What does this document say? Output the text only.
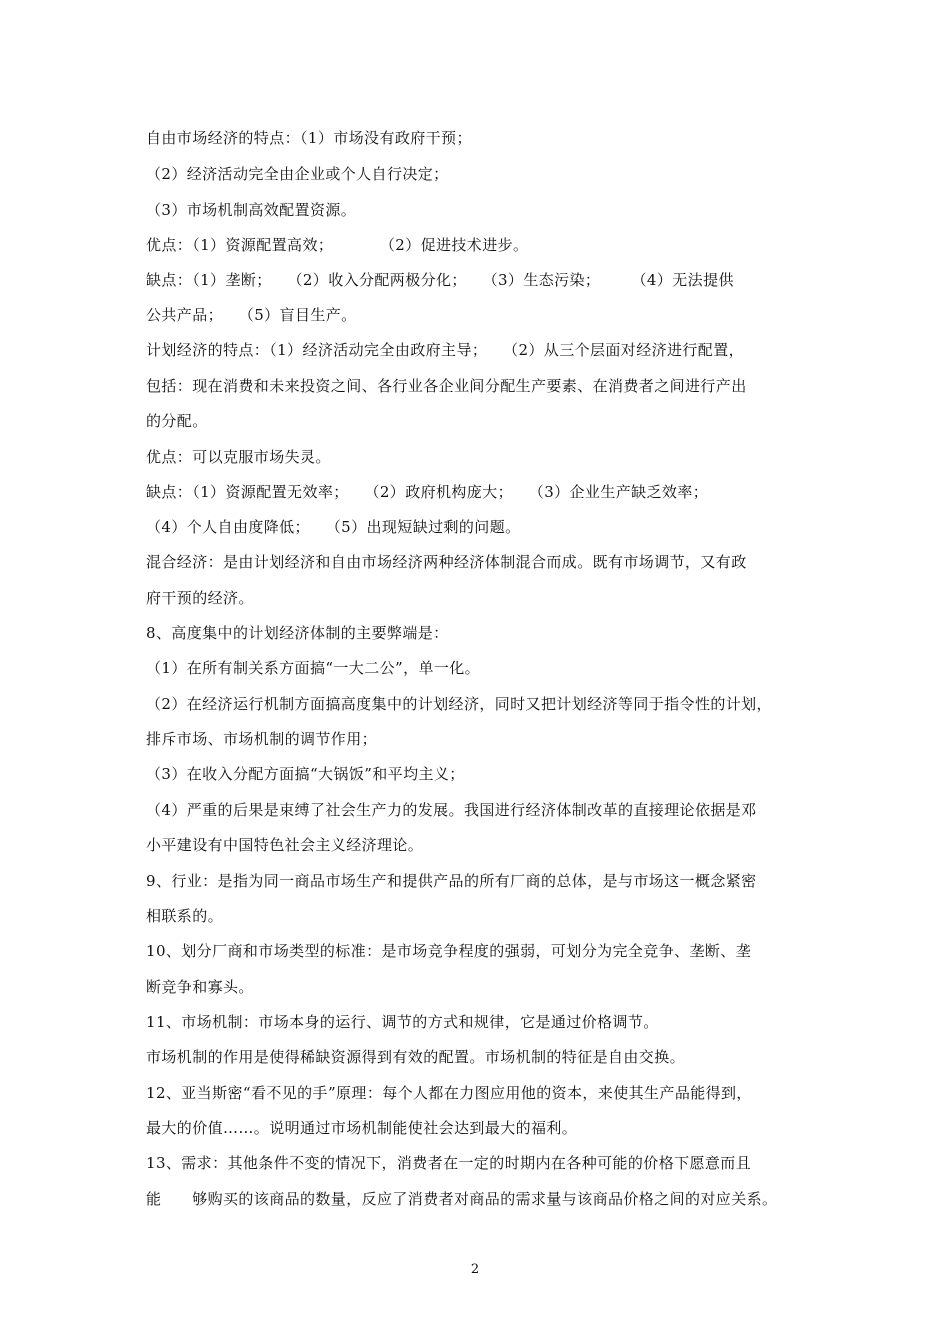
自由市场经济的特点：（1）市场没有政府干预；
（2）经济活动完全由企业或个人自行决定；
（3）市场机制高效配置资源。
优点：（1）资源配置高效；　　　　（2）促进技术进步。
缺点：（1）垄断；　　（2）收入分配两极分化；　　（3）生态污染；　　　（4）无法提供
公共产品；　　（5）盲目生产。
计划经济的特点：（1）经济活动完全由政府主导；　　（2）从三个层面对经济进行配置，
包括：现在消费和未来投资之间、各行业各企业间分配生产要素、在消费者之间进行产出
的分配。
优点：可以克服市场失灵。
缺点：（1）资源配置无效率；　　（2）政府机构庞大；　　（3）企业生产缺乏效率；
（4）个人自由度降低；　　（5）出现短缺过剩的问题。
混合经济：是由计划经济和自由市场经济两种经济体制混合而成。既有市场调节，又有政
府干预的经济。
8、高度集中的计划经济体制的主要弊端是：
（1）在所有制关系方面搞“一大二公”，单一化。
（2）在经济运行机制方面搞高度集中的计划经济，同时又把计划经济等同于指令性的计划，
排斥市场、市场机制的调节作用；
（3）在收入分配方面搞“大锅饭”和平均主义；
（4）严重的后果是束缚了社会生产力的发展。我国进行经济体制改革的直接理论依据是邓
小平建设有中国特色社会主义经济理论。
9、行业：是指为同一商品市场生产和提供产品的所有厂商的总体，是与市场这一概念紧密
相联系的。
10、划分厂商和市场类型的标准：是市场竞争程度的强弱，可划分为完全竞争、垄断、垄
断竞争和寡头。
11、市场机制：市场本身的运行、调节的方式和规律，它是通过价格调节。
市场机制的作用是使得稀缺资源得到有效的配置。市场机制的特征是自由交换。
12、亚当斯密“看不见的手”原理：每个人都在力图应用他的资本，来使其生产品能得到，
最大的价值……。说明通过市场机制能使社会达到最大的福利。
13、需求：其他条件不变的情况下，消费者在一定的时期内在各种可能的价格下愿意而且
能　　够购买的该商品的数量，反应了消费者对商品的需求量与该商品价格之间的对应关系。
2
